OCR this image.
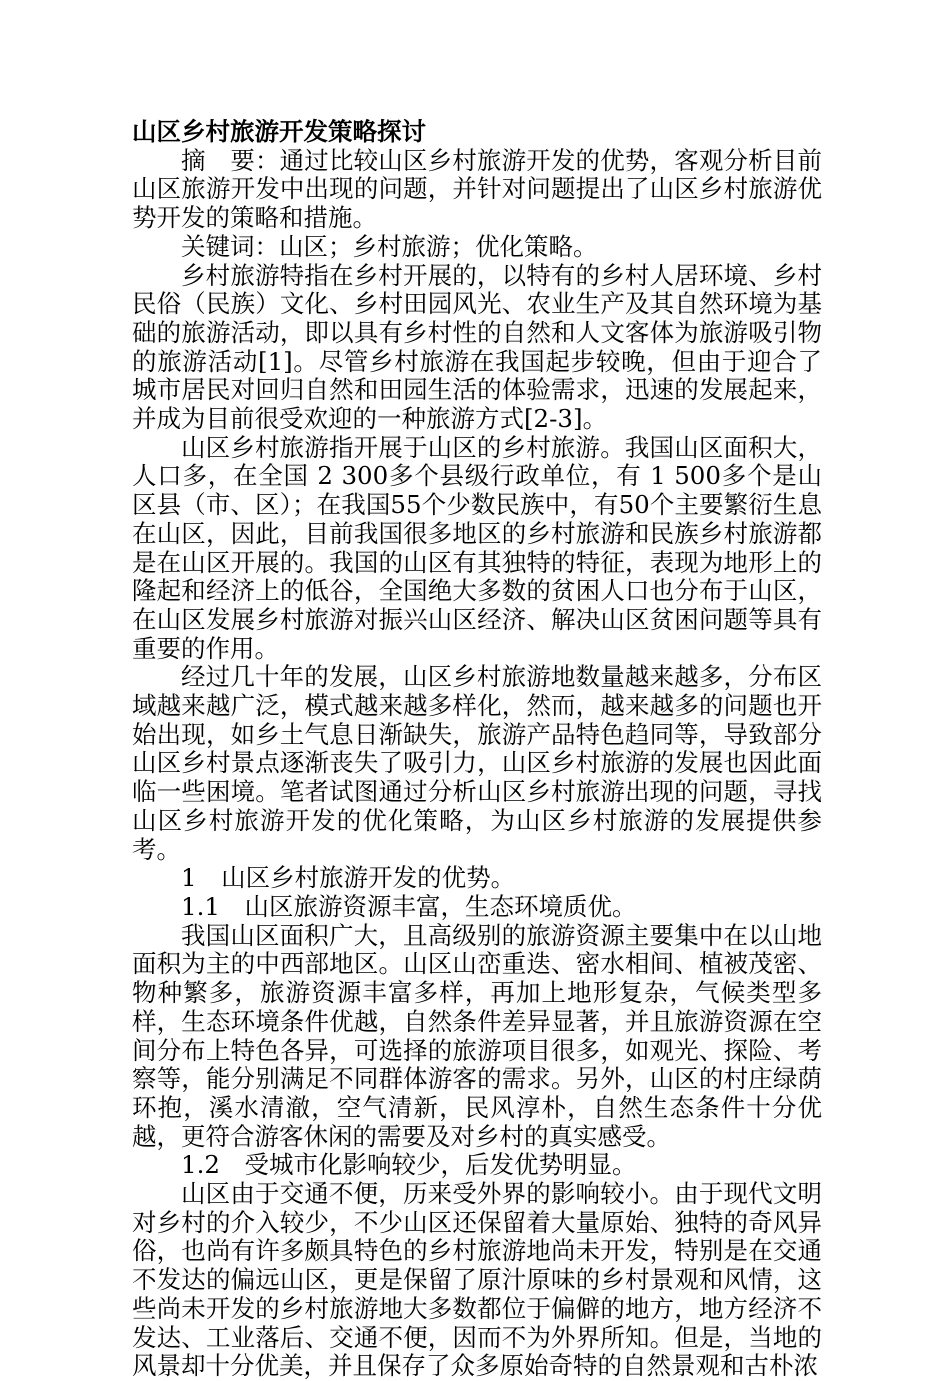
山区乡村旅游开发策略探讨

摘　要：通过比较山区乡村旅游开发的优势，客观分析目前山区旅游开发中出现的问题，并针对问题提出了山区乡村旅游优势开发的策略和措施。

关键词：山区；乡村旅游；优化策略。

乡村旅游特指在乡村开展的，以特有的乡村人居环境、乡村民俗（民族）文化、乡村田园风光、农业生产及其自然环境为基础的旅游活动，即以具有乡村性的自然和人文客体为旅游吸引物的旅游活动[1]。尽管乡村旅游在我国起步较晚，但由于迎合了城市居民对回归自然和田园生活的体验需求，迅速的发展起来，并成为目前很受欢迎的一种旅游方式[2-3]。

山区乡村旅游指开展于山区的乡村旅游。我国山区面积大，人口多，在全国 2 300多个县级行政单位，有 1 500多个是山区县（市、区）；在我国55个少数民族中，有50个主要繁衍生息在山区，因此，目前我国很多地区的乡村旅游和民族乡村旅游都是在山区开展的。我国的山区有其独特的特征，表现为地形上的隆起和经济上的低谷，全国绝大多数的贫困人口也分布于山区，在山区发展乡村旅游对振兴山区经济、解决山区贫困问题等具有重要的作用。

经过几十年的发展，山区乡村旅游地数量越来越多，分布区域越来越广泛，模式越来越多样化，然而，越来越多的问题也开始出现，如乡土气息日渐缺失，旅游产品特色趋同等，导致部分山区乡村景点逐渐丧失了吸引力，山区乡村旅游的发展也因此面临一些困境。笔者试图通过分析山区乡村旅游出现的问题，寻找山区乡村旅游开发的优化策略，为山区乡村旅游的发展提供参考。

1　山区乡村旅游开发的优势。

1.1　山区旅游资源丰富，生态环境质优。

我国山区面积广大，且高级别的旅游资源主要集中在以山地面积为主的中西部地区。山区山峦重迭、密水相间、植被茂密、物种繁多，旅游资源丰富多样，再加上地形复杂，气候类型多样，生态环境条件优越，自然条件差异显著，并且旅游资源在空间分布上特色各异，可选择的旅游项目很多，如观光、探险、考察等，能分别满足不同群体游客的需求。另外，山区的村庄绿荫环抱，溪水清澈，空气清新，民风淳朴，自然生态条件十分优越，更符合游客休闲的需要及对乡村的真实感受。

1.2　受城市化影响较少，后发优势明显。

山区由于交通不便，历来受外界的影响较小。由于现代文明对乡村的介入较少，不少山区还保留着大量原始、独特的奇风异俗，也尚有许多颇具特色的乡村旅游地尚未开发，特别是在交通不发达的偏远山区，更是保留了原汁原味的乡村景观和风情，这些尚未开发的乡村旅游地大多数都位于偏僻的地方，地方经济不发达、工业落后、交通不便，因而不为外界所知。但是，当地的风景却十分优美，并且保存了众多原始奇特的自然景观和古朴浓
